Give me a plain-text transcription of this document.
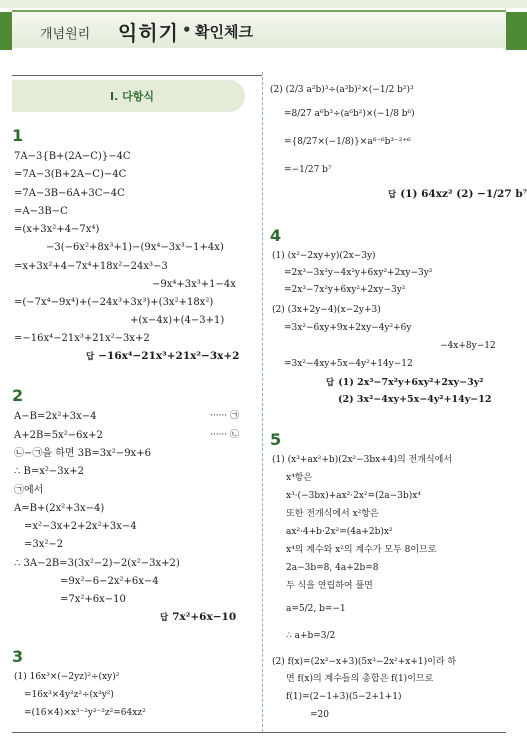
개념원리 익히기 • 확인체크
I. 다항식
1
7A−3{B+(2A−C)}−4C
=7A−3(B+2A−C)−4C
=7A−3B−6A+3C−4C
=A−3B−C
=(x+3x²+4−7x⁴)
−3(−6x²+8x³+1)−(9x⁴−3x³−1+4x)
=x+3x²+4−7x⁴+18x²−24x³−3
−9x⁴+3x³+1−4x
=(−7x⁴−9x⁴)+(−24x³+3x³)+(3x²+18x²)
+(x−4x)+(4−3+1)
=−16x⁴−21x³+21x²−3x+2
답 −16x⁴−21x³+21x²−3x+2
2
A−B=2x²+3x−4	······ ㉠
A+2B=5x²−6x+2	······ ㉡
㉡−㉠을 하면 3B=3x²−9x+6
∴ B=x²−3x+2
㉠에서
A=B+(2x²+3x−4)
=x²−3x+2+2x²+3x−4
=3x²−2
∴ 3A−2B=3(3x²−2)−2(x²−3x+2)
=9x²−6−2x²+6x−4
=7x²+6x−10
답 7x²+6x−10
3
(1) 16x³×(−2yz)²÷(xy)²
=16x³×4y²z²÷(x²y²)
=(16×4)×x³⁻²y²⁻²z²=64xz²
(2) (2/3 a²b)³÷(a³b)²×(−1/2 b²)³
=8/27 a⁶b³÷(a⁶b²)×(−1/8 b⁶)
={8/27×(−1/8)}×a⁶⁻⁶b³⁻²⁺⁶
=−1/27 b⁷
답 (1) 64xz² (2) −1/27 b⁷
4
(1) (x²−2xy+y)(2x−3y)
=2x³−3x²y−4x²y+6xy²+2xy−3y²
=2x³−7x²y+6xy²+2xy−3y²
(2) (3x+2y−4)(x−2y+3)
=3x²−6xy+9x+2xy−4y²+6y
−4x+8y−12
=3x²−4xy+5x−4y²+14y−12
답 (1) 2x³−7x²y+6xy²+2xy−3y²
(2) 3x²−4xy+5x−4y²+14y−12
5
(1) (x³+ax²+b)(2x²−3bx+4)의 전개식에서
x⁴항은
x³·(−3bx)+ax²·2x²=(2a−3b)x⁴
또한 전개식에서 x²항은
ax²·4+b·2x²=(4a+2b)x²
x⁴의 계수와 x²의 계수가 모두 8이므로
2a−3b=8, 4a+2b=8
두 식을 연립하여 풀면
a=5/2, b=−1
∴ a+b=3/2
(2) f(x)=(2x²−x+3)(5x³−2x²+x+1)이라 하
면 f(x)의 계수들의 총합은 f(1)이므로
f(1)=(2−1+3)(5−2+1+1)
=20
